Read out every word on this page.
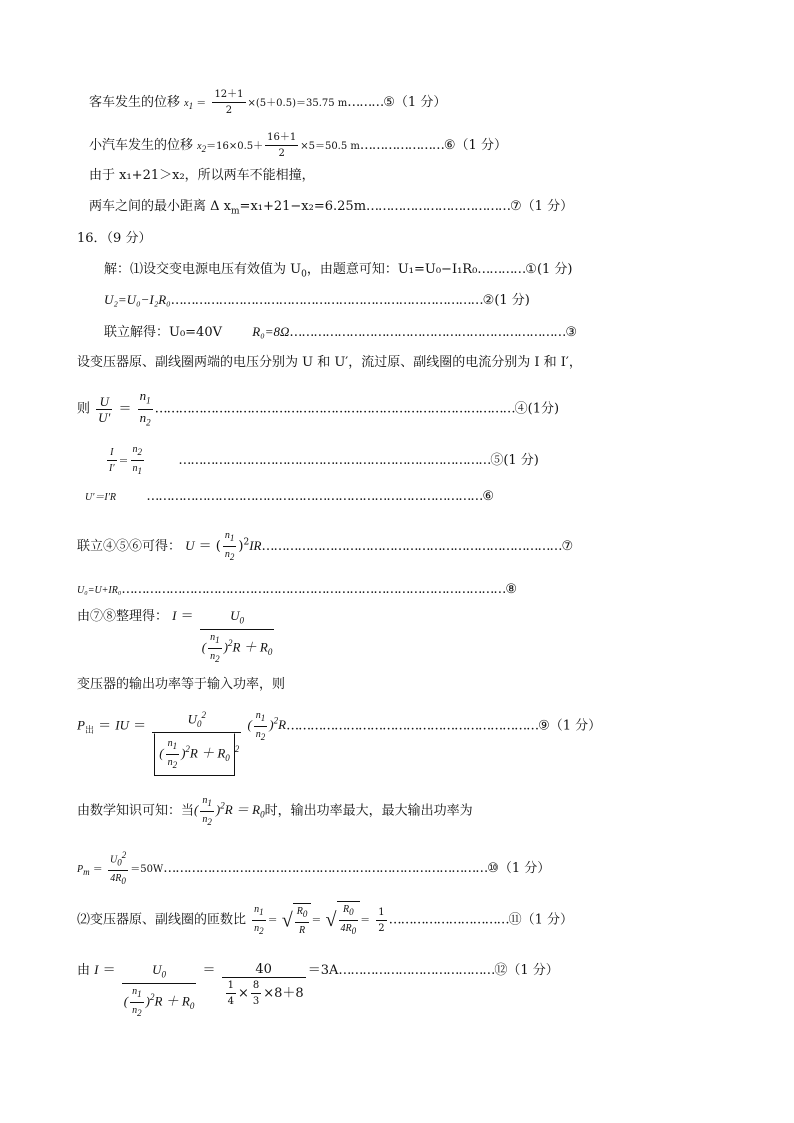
客车发生的位移 $x_1 = \frac{12+1}{2} \times(5+0.5)=35.75$ m………⑤（1 分）
小汽车发生的位移 $x_2=16\times 0.5+ \frac{16+1}{2} \times 5=50.5$ m…………………⑥（1 分）
由于 x₁+21＞x₂，所以两车不能相撞，
两车之间的最小距离 Δ $x_m=x_1+21-x_2=6.25m\dots\dots\dots\dots\dots\dots\dots\dots\dots\dots\dots\dots ⑦(1$ 分）
16．（9 分）
解：⑴设交变电源电压有效值为 $U_0$，由题意可知：U₁=U₀−I₁R₀…………①(1 分)
U₂=U₀−I₂R₀……………………………………………………………………②(1 分)
联立解得：U₀=40V R₀=8Ω……………………………………………………………③
设变压器原、副线圈两端的电压分别为 U 和 U′，流过原、副线圈的电流分别为 I 和 I′，
则 $\frac{U}{U'} = \frac{n_1}{n_2}$ ………………………………………………………………………………④(1分)
$\frac{I}{I'} = \frac{n_2}{n_1}$	……………………………………………………………………⑤(1 分)
U′＝I′R …………………………………………………………………………⑥
联立④⑤⑥可得： U ＝ ( $\frac{n_1}{n_2}$ )$^2$IR…………………………………………………………………⑦
U₀=U+IR₀……………………………………………………………………………………⑧
由⑦⑧整理得： $I = \frac{U_0}{( \frac{n_1}{n_2} )^2R + R_0}$
变压器的输出功率等于输入功率，则
$P_出$ ＝ IU ＝ $\frac{U_0^2}{( \frac{n_1}{n_2} )^2R + R_0^2}$ ( $\frac{n_1}{n_2}$ )$^2$R………………………………………………………⑨（1 分）
由数学知识可知：当( $\frac{n_1}{n_2} )^2R = R_0$时，输出功率最大，最大输出功率为
$P_m = \frac{U_0^2}{4R_0}$ ＝50W………………………………………………………………………⑩（1 分）
⑵变压器原、副线圈的匝数比 $\frac{n_1}{n_2}$ ＝ √ $\frac{R_0}{R}$ ＝ √ $\frac{R_0}{4R_0} = \frac{1}{2}$ …………………………⑪（1 分）
由 $I = \frac{U_0}{( \frac{n_1}{n_2} )^2R + R_0} = \frac{40}{\frac{1}{4} \times \frac{8}{3} \times 8+8}$ ＝3A…………………………………⑫（1 分）
